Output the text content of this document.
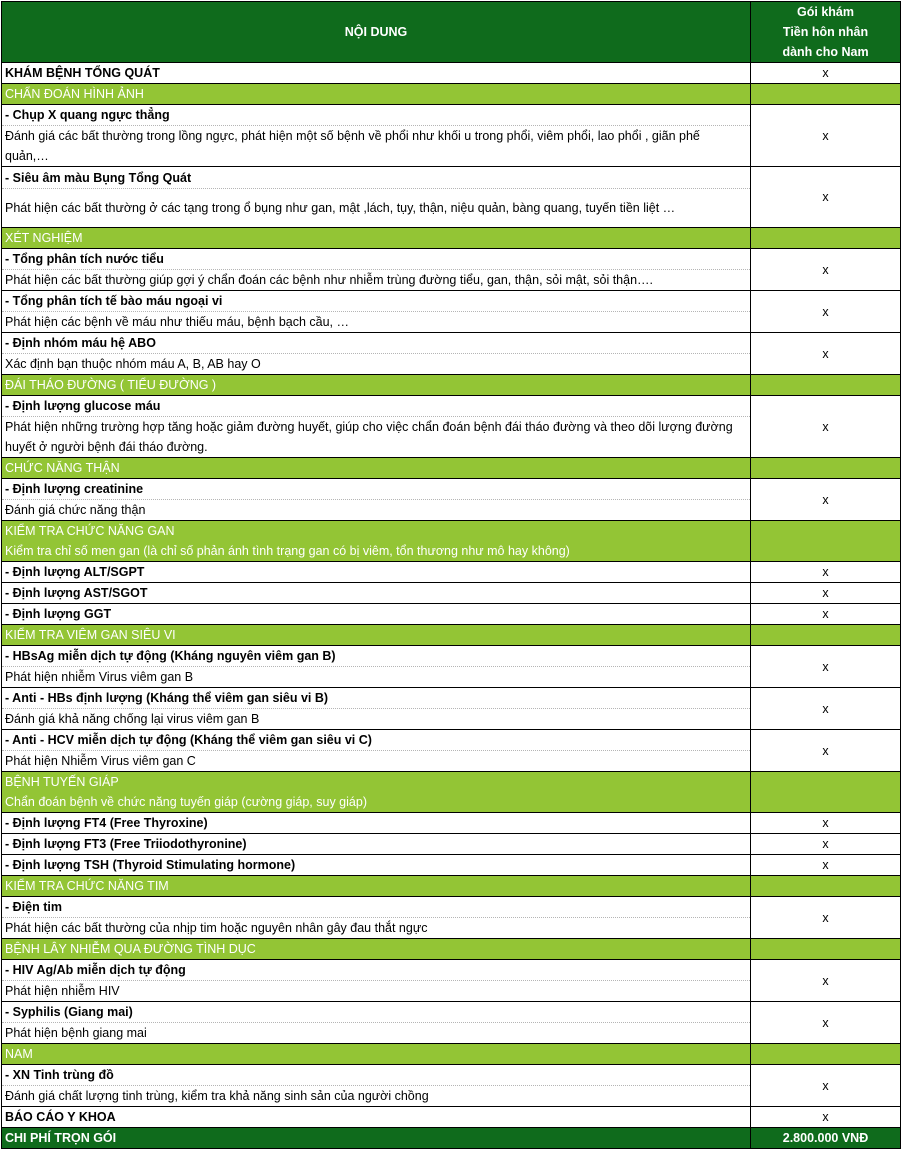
NỘI DUNG	Gói khám
Tiền hôn nhân
dành cho Nam
KHÁM BỆNH TỔNG QUÁT	x
CHẨN ĐOÁN HÌNH ẢNH	

- Chụp X quang ngực thẳng
Đánh giá các bất thường trong lồng ngực, phát hiện một số bệnh về phổi như khối u trong phổi, viêm phổi, lao phổi , giãn phế quản,…	x

- Siêu âm màu Bụng Tổng Quát
Phát hiện các bất thường ở các tạng trong ổ bụng như gan, mật ,lách, tụy, thận, niệu quản, bàng quang, tuyến tiền liệt …	x
XÉT NGHIỆM	

- Tổng phân tích nước tiểu
Phát hiện các bất thường giúp gợi ý chẩn đoán các bệnh như nhiễm trùng đường tiểu, gan, thận, sỏi mật, sỏi thận….	x

- Tổng phân tích tế bào máu ngoại vi
Phát hiện các bệnh về máu như thiếu máu, bệnh bạch cầu, …	x

- Định nhóm máu hệ ABO
Xác định bạn thuộc nhóm máu A, B, AB hay O	x
ĐÁI THÁO ĐƯỜNG ( TIỂU ĐƯỜNG )	

- Định lượng glucose máu
Phát hiện những trường hợp tăng hoặc giảm đường huyết, giúp cho việc chẩn đoán bệnh đái tháo đường và theo dõi lượng đường huyết ở người bệnh đái tháo đường.	x
CHỨC NĂNG THẬN	

- Định lượng creatinine
Đánh giá chức năng thận	x

KIỂM TRA CHỨC NĂNG GAN
Kiểm tra chỉ số men gan (là chỉ số phản ánh tình trạng gan có bị viêm, tổn thương như mô hay không)	

- Định lượng ALT/SGPT	x
- Định lượng AST/SGOT	x
- Định lượng GGT	x
KIỂM TRA VIÊM GAN SIÊU VI	

- HBsAg miễn dịch tự động (Kháng nguyên viêm gan B)
Phát hiện nhiễm Virus viêm gan B	x

- Anti - HBs định lượng (Kháng thể viêm gan siêu vi B)
Đánh giá khả năng chống lại virus viêm gan B	x

- Anti - HCV miễn dịch tự động (Kháng thể viêm gan siêu vi C)
Phát hiện Nhiễm Virus viêm gan C	x

BỆNH TUYẾN GIÁP
Chẩn đoán bệnh về chức năng tuyến giáp (cường giáp, suy giáp)	

- Định lượng FT4 (Free Thyroxine)	x
- Định lượng FT3 (Free Triiodothyronine)	x
- Định lượng TSH (Thyroid Stimulating hormone)	x
KIỂM TRA CHỨC NĂNG TIM	

- Điện tim
Phát hiện các bất thường của nhịp tim hoặc nguyên nhân gây đau thắt ngực	x
BỆNH LÂY NHIỄM QUA ĐƯỜNG TÌNH DỤC	

- HIV Ag/Ab miễn dịch tự động
Phát hiện nhiễm HIV	x

- Syphilis (Giang mai)
Phát hiện bệnh giang mai	x
NAM	

- XN Tinh trùng đồ
Đánh giá chất lượng tinh trùng, kiểm tra khả năng sinh sản của người chồng	x
BÁO CÁO Y KHOA	x
CHI PHÍ TRỌN GÓI	2.800.000 VNĐ
